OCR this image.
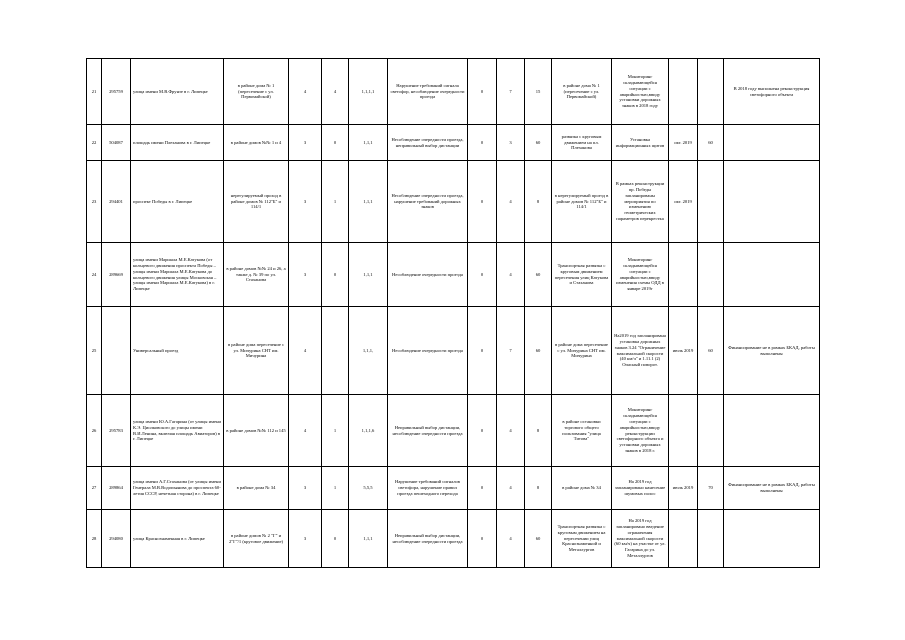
21	295759	улица имени М.В.Фрунзе в г. Липецке	в районе дома № 1 (пересечение с ул. Первомайской)	4	4	1,1,1,1	Нарушение требований сигнала светофор, несоблюдение очередности проезда	0	7	15	в районе дома № 1 (пересечение с ул. Первомайской)	Мониторинг складывающейся ситуации с аварийностью,ввиду установки дорожных знаков в 2018 году			В 2018 году выполнена реконструкция светофорного объекта
22	504087	площадь имени Плеханова в г. Липецке	в районе домов №№ 1 и 4	3	0	1,1,1	Несоблюдение очередности проезда, неправильный выбор дистанции	0	3	60	развязка с круговым движением на пл. Плеханова	Установка информационных щитов	окт. 2019	60	
23	294401	проспект Победы в г. Липецке	нерегулируемый проход в районе домов № 112"Б" и 114/1	3	1	1,1,1	Несоблюдение очередности проезда, нарушение требований дорожных знаков	0	4	8	в нерегулируемый проезд в районе домов № 112"Б" и 114/1	В рамках реконструкции пр. Победы запланированы мероприятия по изменению геометрических параметров перекрестка	окт. 2019		
24	289669	улица имени Маршала М.Е.Катукова (от кольцевого движения проспекта Победы – улицы имени Маршала М.Е.Катукова до кольцевого движения улицы Московская – улицы имени Маршала М.Е.Катукова) в г. Липецке	в районе домов №№ 24 и 26, а также д. № 39 по ул. Стаханова	3	0	1,1,1	Несоблюдение очередности проезда	0	4	60	Транспортная развязка с круговым движением пересечения улиц Катукова и Стаханова	Мониторинг складывающейся ситуации с аварийностью,ввиду изменения схемы ОДД в январе 2019г			
25		Универсальный проезд	в районе дома пересечение с ул. Мичурина СНТ им. Мичурина	4		1,1,1,	Несоблюдение очередности проезда	0	7	60	в районе дома пересечение с ул. Мичурина СНТ им. Мичурина	На2019 год запланирована установка дорожных знаков 3.24 "Ограничение максимальной скорости (40 км/ч" и 1.11.1 (2) Опасный поворот.	июль 2019	60	Финансирование не в рамках БКАД, работы выполнены
26	295783	улица имени Ю.А.Гагарина (от улицы имени К.Э. Циолковского до улицы имени В.И.Ленина, включая площадь Авиаторов) в г. Липецке	в районе домов №№ 112 и 145	4	1	1,1,1,6	Неправильный выбор дистанции, несоблюдение очередности проезда	0	4	8	в районе остановки торгового общего пользования "улица Титова"	Мониторинг складывающейся ситуации с аварийностью,ввиду реконструкции светофорного объекта и установки дорожных знаков в 2018 г.			
27	289864	улица имени А.Г.Стаханова (от улицы имени Генерала М.В.Водопьянова до проспекта 60-летия СССР, нечетная сторона) в г. Липецке	в районе дома № 34	3	1	5,5,5	Нарушение требований сигналов светофора, нарушение правил проезда пешеходного перехода	0	4	8	в районе дома № 34	На 2019 год запланировано нанесение шумовых полос	июль 2019	70	Финансирование не в рамках БКАД, работы выполнены
28	294080	улица Краснознаменная в г. Липецке	в районе домов № 2 "Г" и 2"Г"/1 (круговое движение)	3	0	1,1,1	Неправильный выбор дистанции, несоблюдение очередности проезда	0	4	60	Транспортная развязка с круговым движением на пересечении улиц Краснознаменной и Металлургов	На 2019 год запланировано введение ограничения максимальной скорости (60 км/ч) на участке от ул. Гагарина до ул. Металлургов			
